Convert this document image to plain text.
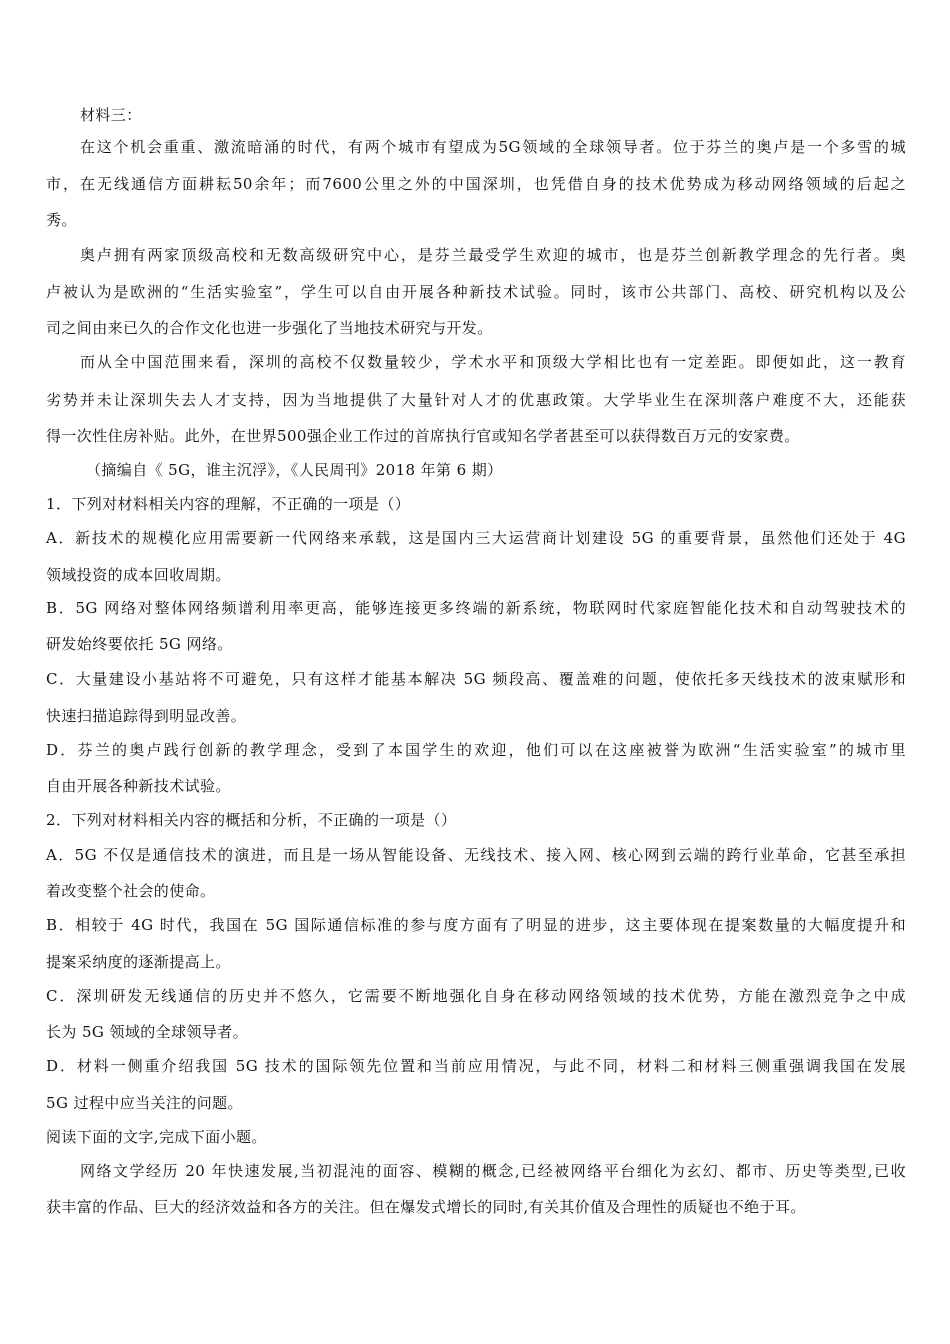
材料三：
在这个机会重重、激流暗涌的时代，有两个城市有望成为5G领域的全球领导者。位于芬兰的奥卢是一个多雪的城
市，在无线通信方面耕耘50余年；而7600公里之外的中国深圳，也凭借自身的技术优势成为移动网络领域的后起之
秀。
奥卢拥有两家顶级高校和无数高级研究中心，是芬兰最受学生欢迎的城市，也是芬兰创新教学理念的先行者。奥
卢被认为是欧洲的“生活实验室”，学生可以自由开展各种新技术试验。同时，该市公共部门、高校、研究机构以及公
司之间由来已久的合作文化也进一步强化了当地技术研究与开发。
而从全中国范围来看，深圳的高校不仅数量较少，学术水平和顶级大学相比也有一定差距。即便如此，这一教育
劣势并未让深圳失去人才支持，因为当地提供了大量针对人才的优惠政策。大学毕业生在深圳落户难度不大，还能获
得一次性住房补贴。此外，在世界500强企业工作过的首席执行官或知名学者甚至可以获得数百万元的安家费。
（摘编自《 5G，谁主沉浮》，《人民周刊》2018 年第 6 期）
1．下列对材料相关内容的理解，不正确的一项是（）
A．新技术的规模化应用需要新一代网络来承载，这是国内三大运营商计划建设 5G 的重要背景，虽然他们还处于 4G
领域投资的成本回收周期。
B．5G 网络对整体网络频谱利用率更高，能够连接更多终端的新系统，物联网时代家庭智能化技术和自动驾驶技术的
研发始终要依托 5G 网络。
C．大量建设小基站将不可避免，只有这样才能基本解决 5G 频段高、覆盖难的问题，使依托多天线技术的波束赋形和
快速扫描追踪得到明显改善。
D．芬兰的奥卢践行创新的教学理念，受到了本国学生的欢迎，他们可以在这座被誉为欧洲“生活实验室”的城市里
自由开展各种新技术试验。
2．下列对材料相关内容的概括和分析，不正确的一项是（）
A．5G 不仅是通信技术的演进，而且是一场从智能设备、无线技术、接入网、核心网到云端的跨行业革命，它甚至承担
着改变整个社会的使命。
B．相较于 4G 时代，我国在 5G 国际通信标准的参与度方面有了明显的进步，这主要体现在提案数量的大幅度提升和
提案采纳度的逐渐提高上。
C．深圳研发无线通信的历史并不悠久，它需要不断地强化自身在移动网络领域的技术优势，方能在激烈竞争之中成
长为 5G 领域的全球领导者。
D．材料一侧重介绍我国 5G 技术的国际领先位置和当前应用情况，与此不同，材料二和材料三侧重强调我国在发展
5G 过程中应当关注的问题。
阅读下面的文字,完成下面小题。
网络文学经历 20 年快速发展,当初混沌的面容、模糊的概念,已经被网络平台细化为玄幻、都市、历史等类型,已收
获丰富的作品、巨大的经济效益和各方的关注。但在爆发式增长的同时,有关其价值及合理性的质疑也不绝于耳。
